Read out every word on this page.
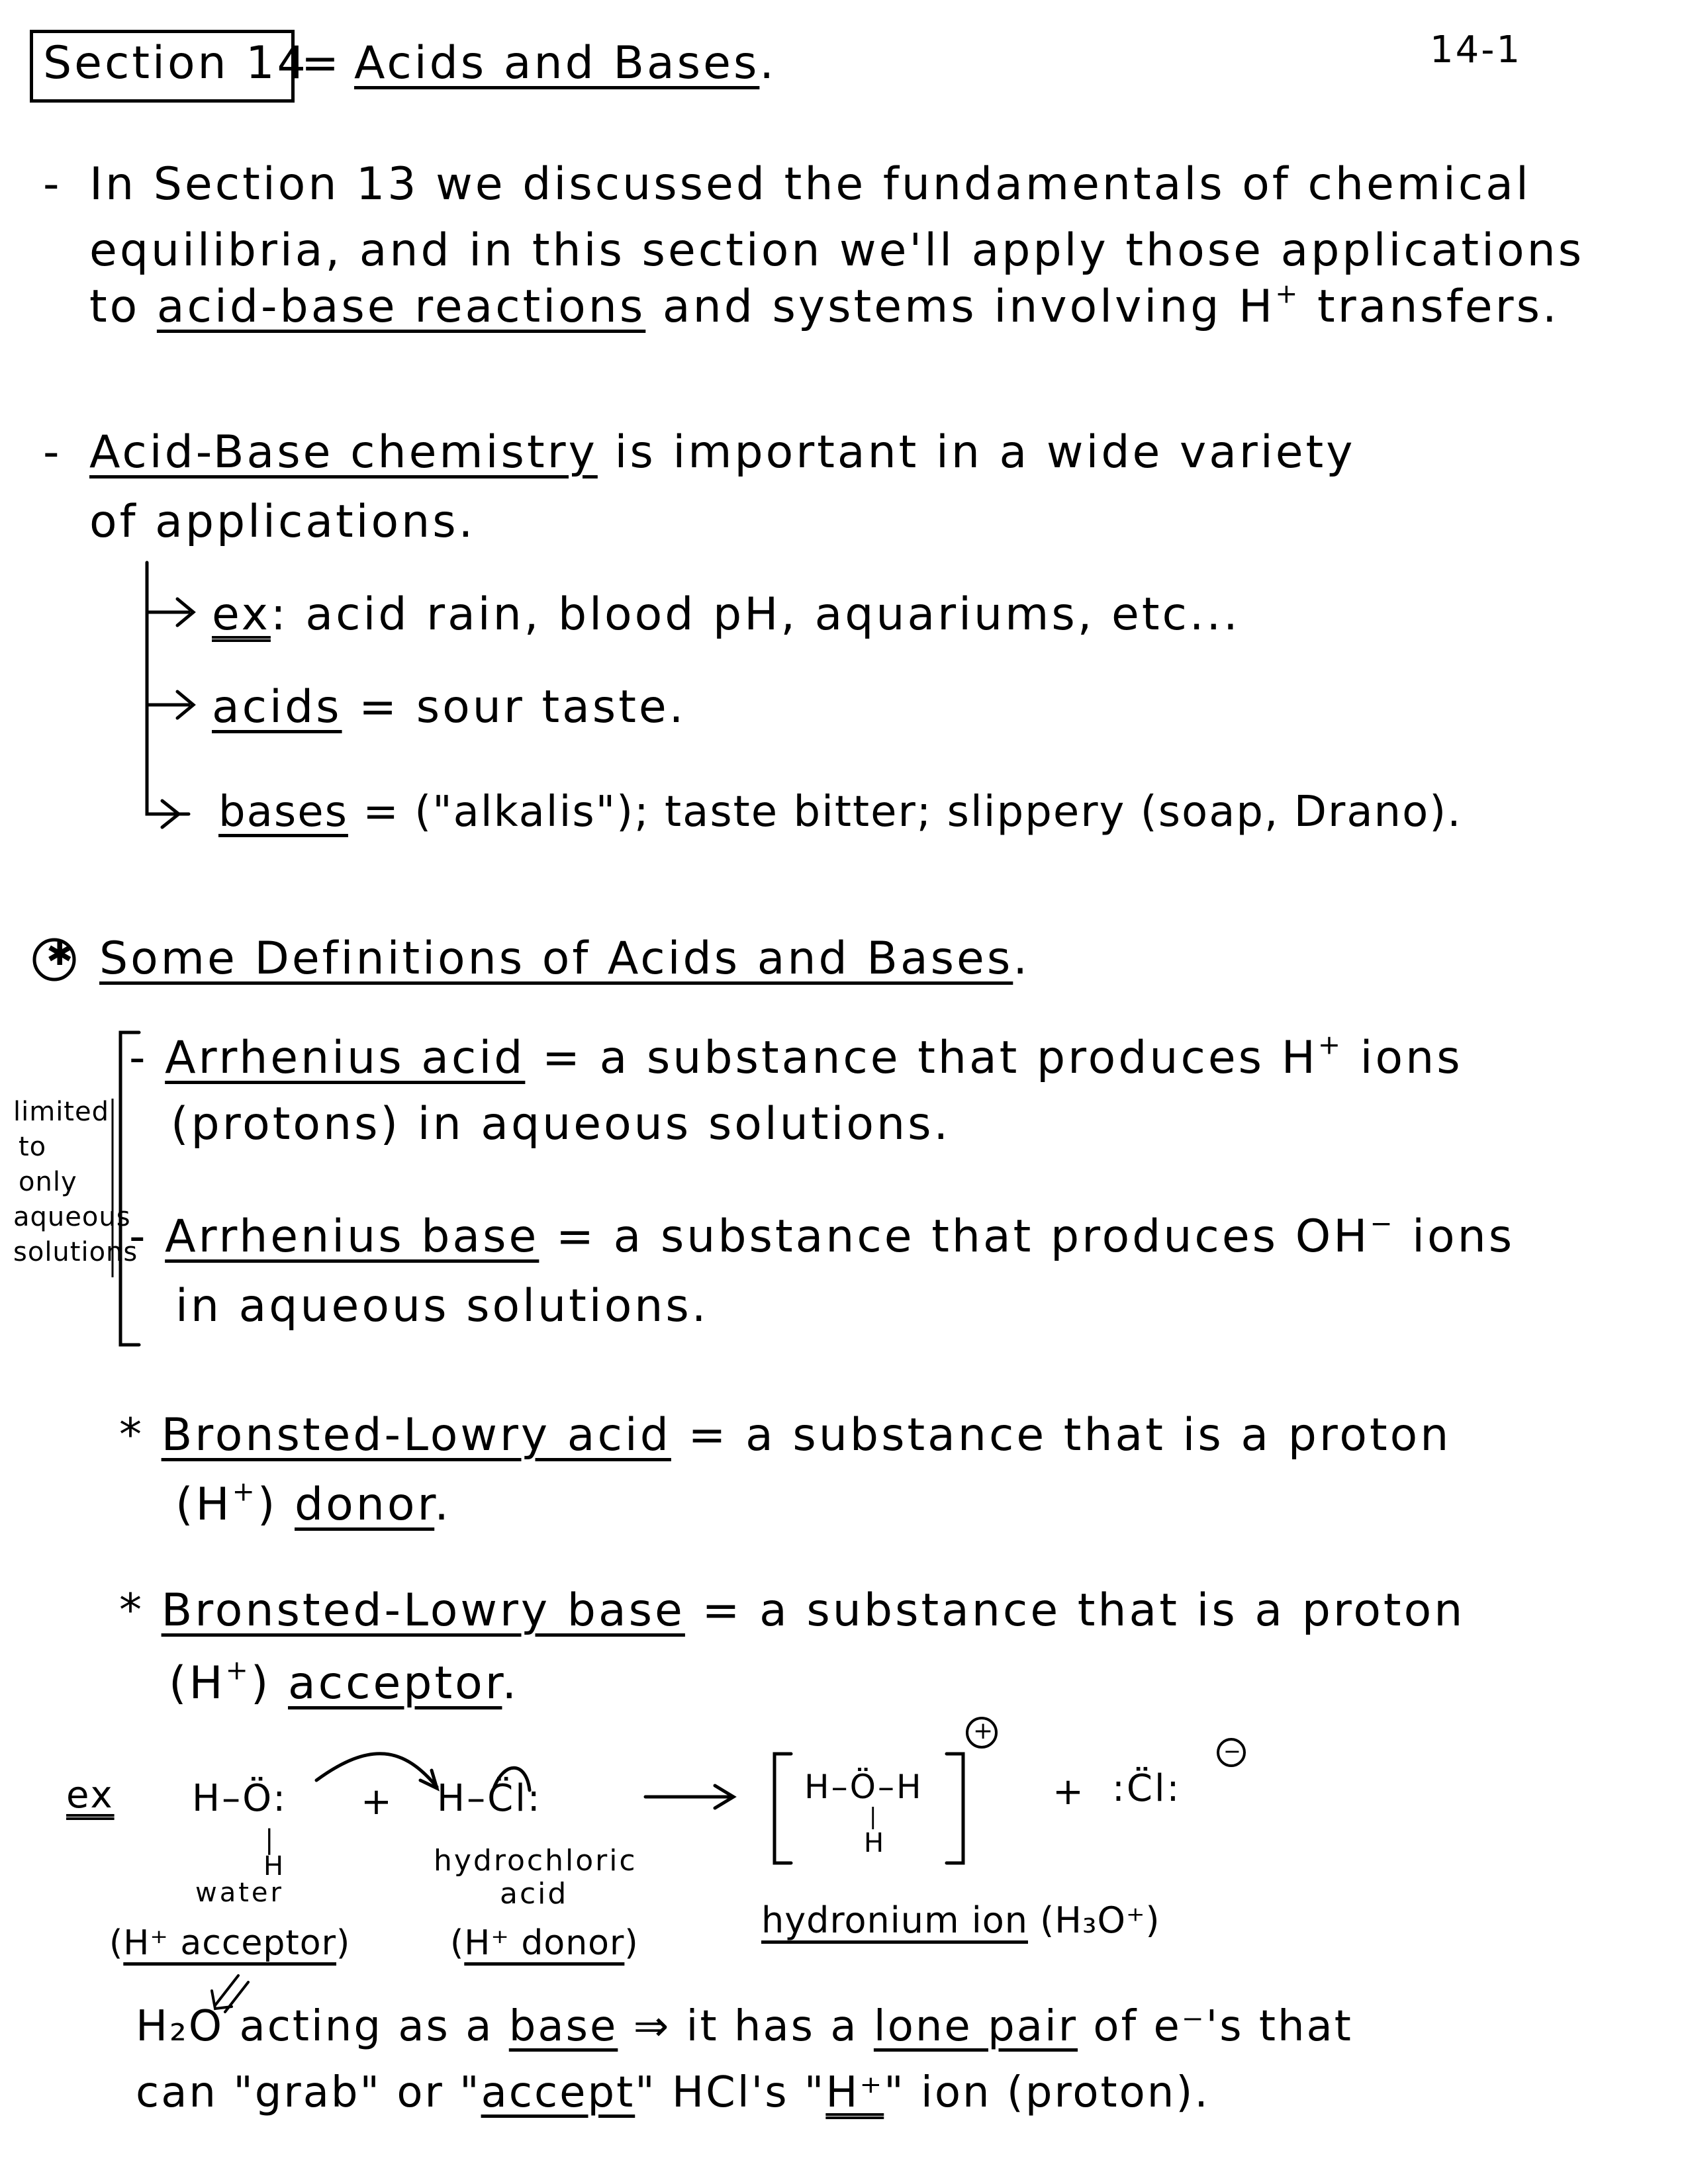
Section 14
= Acids and Bases.	14-1
- In Section 13 we discussed the fundamentals of chemical
equilibria, and in this section we'll apply those applications
to acid-base reactions and systems involving H+ transfers.
- Acid-Base chemistry is important in a wide variety
of applications.
ex: acid rain, blood pH, aquariums, etc...
acids = sour taste.
bases = ("alkalis"); taste bitter; slippery (soap, Drano).
✱ Some Definitions of Acids and Bases.
limited
to
only
aqueous
solutions
- Arrhenius acid = a substance that produces H+ ions
(protons) in aqueous solutions.
- Arrhenius base = a substance that produces OH− ions
in aqueous solutions.
* Bronsted-Lowry acid = a substance that is a proton
(H+) donor.
* Bronsted-Lowry base = a substance that is a proton
(H+) acceptor.
ex H–Ö:
|
H
water
(H⁺ acceptor)
+ H–C̈l:
hydrochloric
acid
(H⁺ donor)
H–Ö–H
|
H
+
+ :C̈l:
−
hydronium ion (H₃O⁺)
H₂O acting as a base ⇒ it has a lone pair of e⁻'s that
can "grab" or "accept" HCl's "H⁺" ion (proton).
